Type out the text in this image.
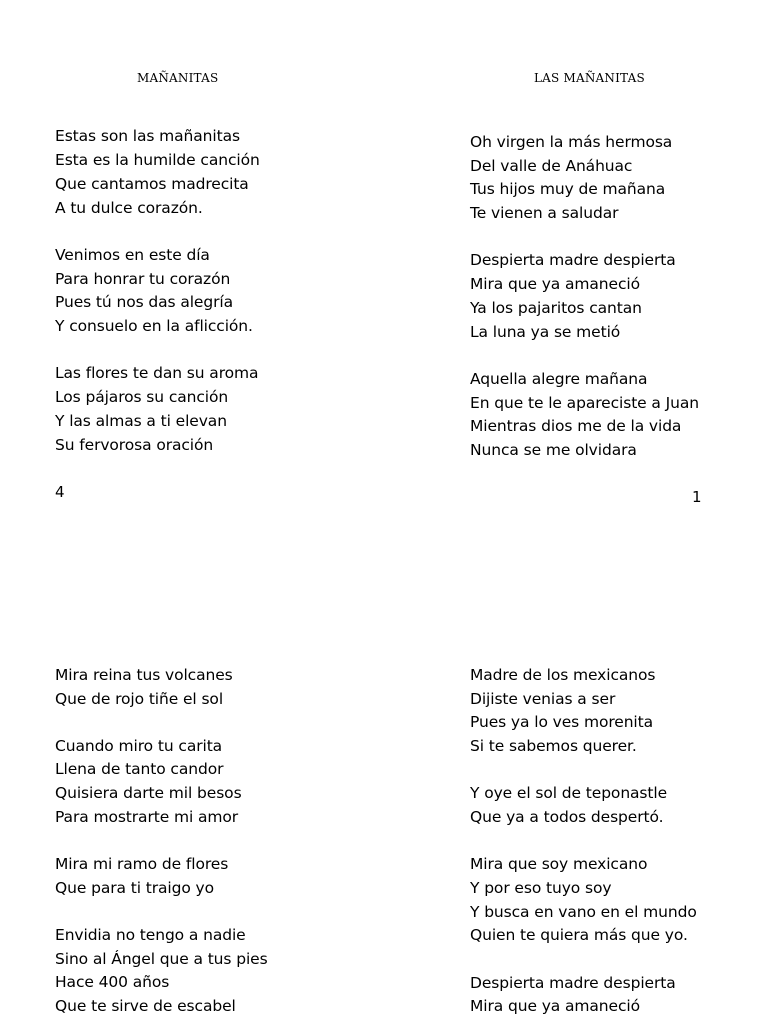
MAÑANITAS
Estas son las mañanitas
Esta es la humilde canción
Que cantamos madrecita
A tu dulce corazón.
Venimos en este día
Para honrar tu corazón
Pues tú nos das alegría
Y consuelo en la aflicción.
Las flores te dan su aroma
Los pájaros su canción
Y las almas a ti elevan
Su fervorosa oración
4
LAS MAÑANITAS
Oh virgen la más hermosa
Del valle de Anáhuac
Tus hijos muy de mañana
Te vienen a saludar
Despierta madre despierta
Mira que ya amaneció
Ya los pajaritos cantan
La luna ya se metió
Aquella alegre mañana
En que te le apareciste a Juan
Mientras dios me de la vida
Nunca se me olvidara
1
Mira reina tus volcanes
Que de rojo tiñe el sol
Cuando miro tu carita
Llena de tanto candor
Quisiera darte mil besos
Para mostrarte mi amor
Mira mi ramo de flores
Que para ti traigo yo
Envidia no tengo a nadie
Sino al Ángel que a tus pies
Hace 400 años
Que te sirve de escabel
Madre de los mexicanos
Dijiste venias a ser
Pues ya lo ves morenita
Si te sabemos querer.
Y oye el sol de teponastle
Que ya a todos despertó.
Mira que soy mexicano
Y por eso tuyo soy
Y busca en vano en el mundo
Quien te quiera más que yo.
Despierta madre despierta
Mira que ya amaneció
